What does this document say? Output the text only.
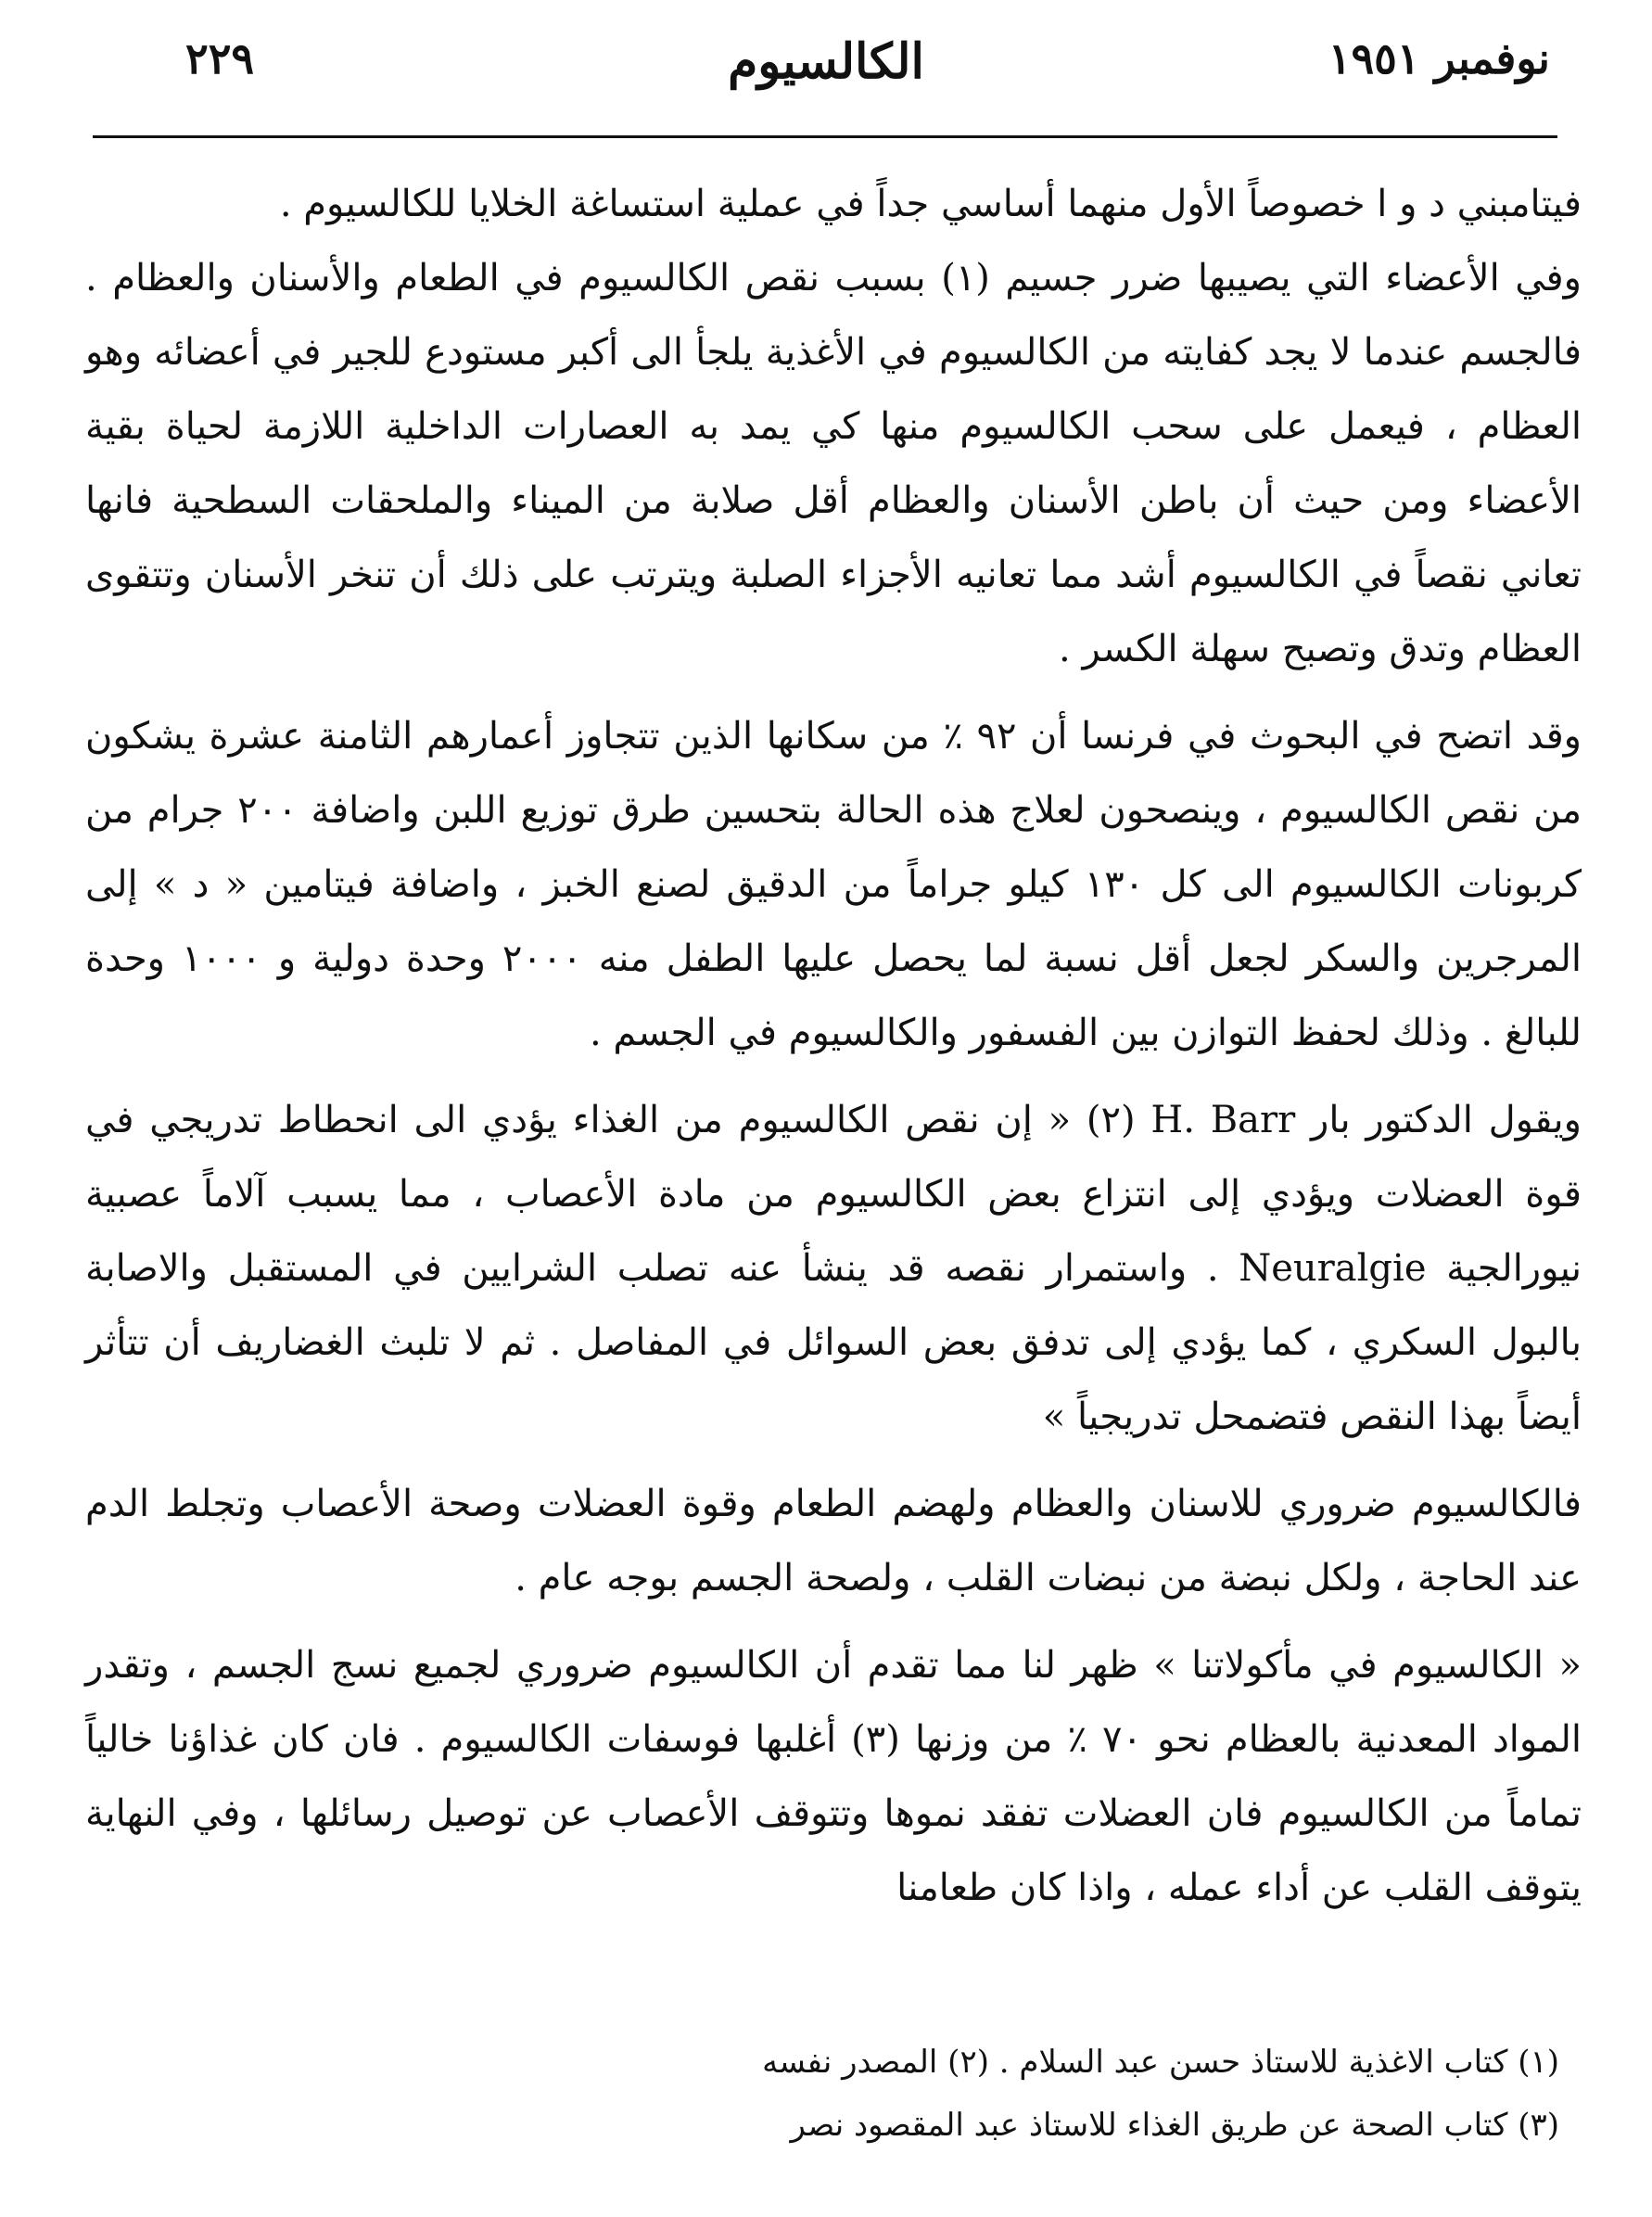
نوفمبر ١٩٥١
الكالسيوم
٢٢٩

فيتامبني د و ا خصوصاً الأول منهما أساسي جداً في عملية استساغة الخلايا للكالسيوم .

وفي الأعضاء التي يصيبها ضرر جسيم (١) بسبب نقص الكالسيوم في الطعام والأسنان والعظام . فالجسم عندما لا يجد كفايته من الكالسيوم في الأغذية يلجأ الى أكبر مستودع للجير في أعضائه وهو العظام ، فيعمل على سحب الكالسيوم منها كي يمد به العصارات الداخلية اللازمة لحياة بقية الأعضاء ومن حيث أن باطن الأسنان والعظام أقل صلابة من الميناء والملحقات السطحية فانها تعاني نقصاً في الكالسيوم أشد مما تعانيه الأجزاء الصلبة ويترتب على ذلك أن تنخر الأسنان وتتقوى العظام وتدق وتصبح سهلة الكسر .

وقد اتضح في البحوث في فرنسا أن ٩٢ ٪ من سكانها الذين تتجاوز أعمارهم الثامنة عشرة يشكون من نقص الكالسيوم ، وينصحون لعلاج هذه الحالة بتحسين طرق توزيع اللبن واضافة ٢٠٠ جرام من كربونات الكالسيوم الى كل ١٣٠ كيلو جراماً من الدقيق لصنع الخبز ، واضافة فيتامين « د » إلى المرجرين والسكر لجعل أقل نسبة لما يحصل عليها الطفل منه ٢٠٠٠ وحدة دولية و ١٠٠٠ وحدة للبالغ . وذلك لحفظ التوازن بين الفسفور والكالسيوم في الجسم .

ويقول الدكتور بار H. Barr (٢) « إن نقص الكالسيوم من الغذاء يؤدي الى انحطاط تدريجي في قوة العضلات ويؤدي إلى انتزاع بعض الكالسيوم من مادة الأعصاب ، مما يسبب آلاماً عصبية نيورالجية Neuralgie . واستمرار نقصه قد ينشأ عنه تصلب الشرايين في المستقبل والاصابة بالبول السكري ، كما يؤدي إلى تدفق بعض السوائل في المفاصل . ثم لا تلبث الغضاريف أن تتأثر أيضاً بهذا النقص فتضمحل تدريجياً »

فالكالسيوم ضروري للاسنان والعظام ولهضم الطعام وقوة العضلات وصحة الأعصاب وتجلط الدم عند الحاجة ، ولكل نبضة من نبضات القلب ، ولصحة الجسم بوجه عام .

« الكالسيوم في مأكولاتنا » ظهر لنا مما تقدم أن الكالسيوم ضروري لجميع نسج الجسم ، وتقدر المواد المعدنية بالعظام نحو ٧٠ ٪ من وزنها (٣) أغلبها فوسفات الكالسيوم . فان كان غذاؤنا خالياً تماماً من الكالسيوم فان العضلات تفقد نموها وتتوقف الأعصاب عن توصيل رسائلها ، وفي النهاية يتوقف القلب عن أداء عمله ، واذا كان طعامنا

(١) كتاب الاغذية للاستاذ حسن عبد السلام . (٢) المصدر نفسه

(٣) كتاب الصحة عن طريق الغذاء للاستاذ عبد المقصود نصر
